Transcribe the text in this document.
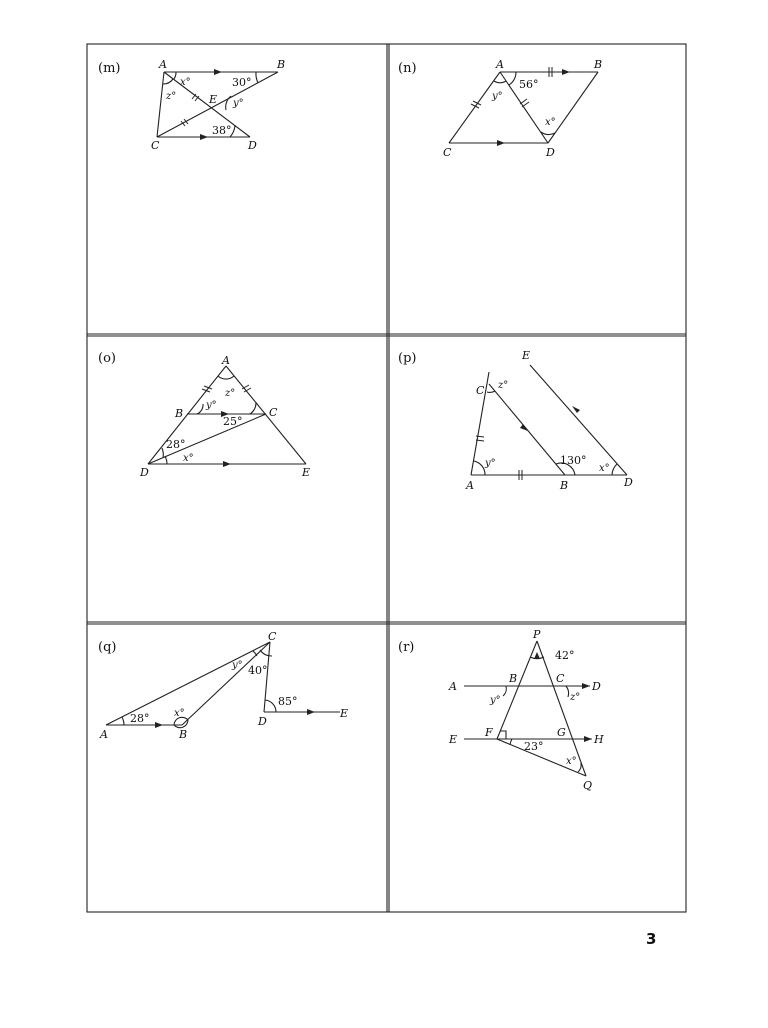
(m)	A	B
C	D
E
x°
z°
y°
30°
38°
(n)	A	B
C	D
y°
56°
x°
(o)	A
B	C
D	E
y°
z°
25°
28°
x°
(p)	E
C
A	B	D
z°
y°	130°
x°
(q)
A	B
C
D
E
28° x°
y° 40°
85°
(r)
P
A
B	C
D
E
F	G
H
Q
42°
y°	z°
23°
x°
3
